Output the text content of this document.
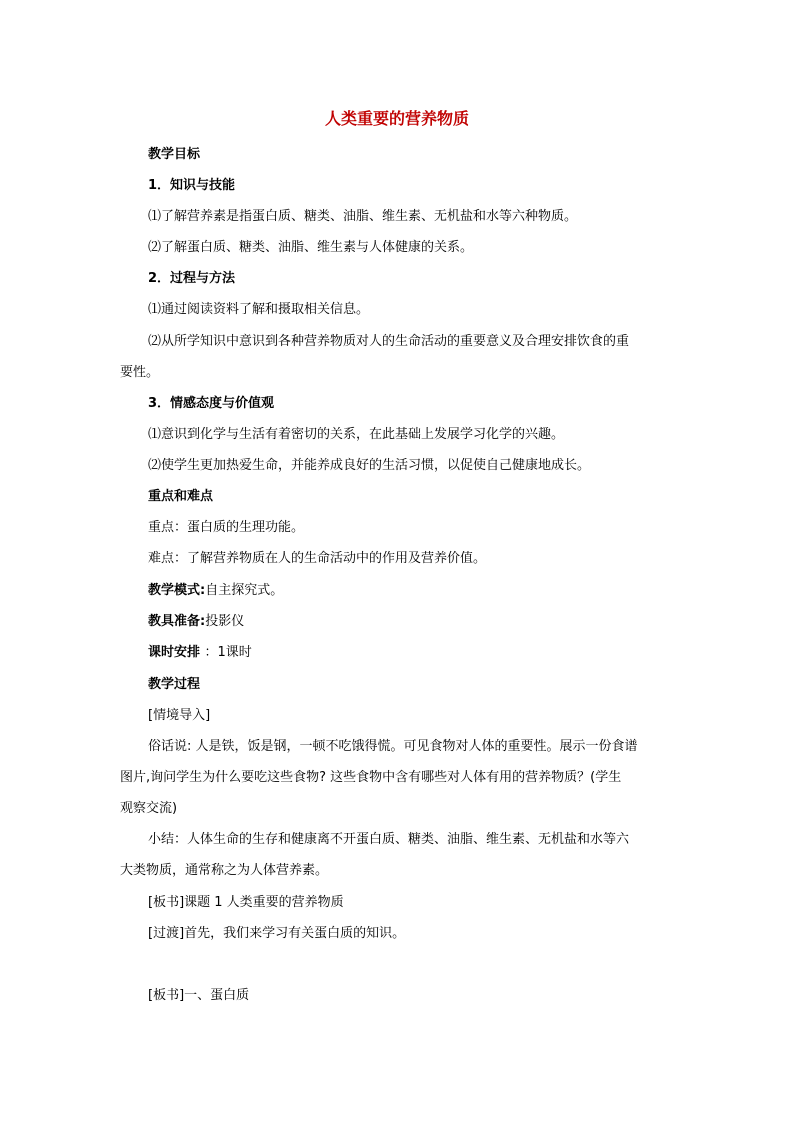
人类重要的营养物质
教学目标
1．知识与技能
⑴了解营养素是指蛋白质、糖类、油脂、维生素、无机盐和水等六种物质。
⑵了解蛋白质、糖类、油脂、维生素与人体健康的关系。
2．过程与方法
⑴通过阅读资料了解和摄取相关信息。
⑵从所学知识中意识到各种营养物质对人的生命活动的重要意义及合理安排饮食的重
要性。
3．情感态度与价值观
⑴意识到化学与生活有着密切的关系，在此基础上发展学习化学的兴趣。
⑵使学生更加热爱生命，并能养成良好的生活习惯，以促使自己健康地成长。
重点和难点
重点：蛋白质的生理功能。
难点：了解营养物质在人的生命活动中的作用及营养价值。
教学模式:自主探究式。
教具准备:投影仪
课时安排 ：1课时
教学过程
[情境导入]
俗话说: 人是铁，饭是钢，一顿不吃饿得慌。可见食物对人体的重要性。展示一份食谱
图片,询问学生为什么要吃这些食物? 这些食物中含有哪些对人体有用的营养物质？(学生
观察交流)
小结：人体生命的生存和健康离不开蛋白质、糖类、油脂、维生素、无机盐和水等六
大类物质，通常称之为人体营养素。
[板书]课题 1 人类重要的营养物质
[过渡]首先，我们来学习有关蛋白质的知识。
[板书]一、蛋白质
